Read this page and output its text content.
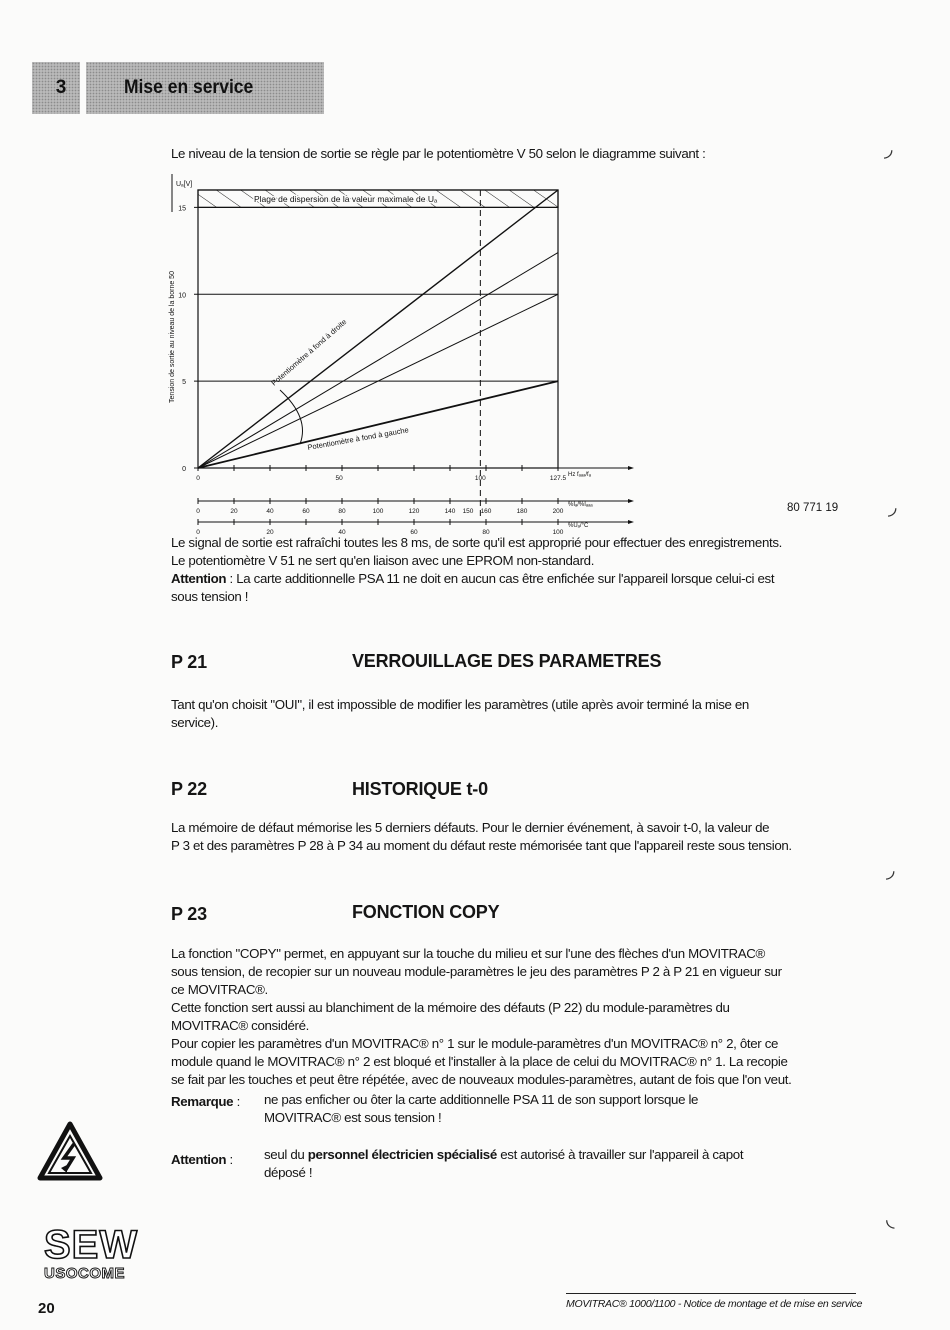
3	Mise en service
Le niveau de la tension de sortie se règle par le potentiomètre V 50 selon le diagramme suivant :
Plage de dispersion de la valeur maximale de Uₐ
0
5
10
15
Uₐ[V]
Tension de sortie au niveau de la borne 50	Potentiomètre à fond à droite
Potentiomètre à fond à gauche
0	50	100	127.5 Hz fₐₐₐ/fₐ
0	20	40	60	80	100	120	140 150 160	180	200
%Iₐ/%Iₐₐₐ
0	20	40	60	80	100
%Uₐ/°C
80 771 19
Le signal de sortie est rafraîchi toutes les 8 ms, de sorte qu'il est approprié pour effectuer des enregistrements.
Le potentiomètre V 51 ne sert qu'en liaison avec une EPROM non-standard.
Attention : La carte additionnelle PSA 11 ne doit en aucun cas être enfichée sur l'appareil lorsque celui-ci est
sous tension !
P 21	VERROUILLAGE DES PARAMETRES
Tant qu'on choisit "OUI", il est impossible de modifier les paramètres (utile après avoir terminé la mise en
service).
P 22	HISTORIQUE t-0
La mémoire de défaut mémorise les 5 derniers défauts. Pour le dernier événement, à savoir t-0, la valeur de
P 3 et des paramètres P 28 à P 34 au moment du défaut reste mémorisée tant que l'appareil reste sous tension.
P 23	FONCTION COPY
La fonction "COPY" permet, en appuyant sur la touche du milieu et sur l'une des flèches d'un MOVITRAC®
sous tension, de recopier sur un nouveau module-paramètres le jeu des paramètres P 2 à P 21 en vigueur sur
ce MOVITRAC®.
Cette fonction sert aussi au blanchiment de la mémoire des défauts (P 22) du module-paramètres du
MOVITRAC® considéré.
Pour copier les paramètres d'un MOVITRAC® n° 1 sur le module-paramètres d'un MOVITRAC® n° 2, ôter ce
module quand le MOVITRAC® n° 2 est bloqué et l'installer à la place de celui du MOVITRAC® n° 1. La recopie
se fait par les touches et peut être répétée, avec de nouveaux modules-paramètres, autant de fois que l'on veut.
Remarque : ne pas enficher ou ôter la carte additionnelle PSA 11 de son support lorsque le
MOVITRAC® est sous tension !
Attention : seul du personnel électricien spécialisé est autorisé à travailler sur l'appareil à capot
déposé !
SEW
USOCOME
20	MOVITRAC® 1000/1100 - Notice de montage et de mise en service
◞
◞
◞
◟
